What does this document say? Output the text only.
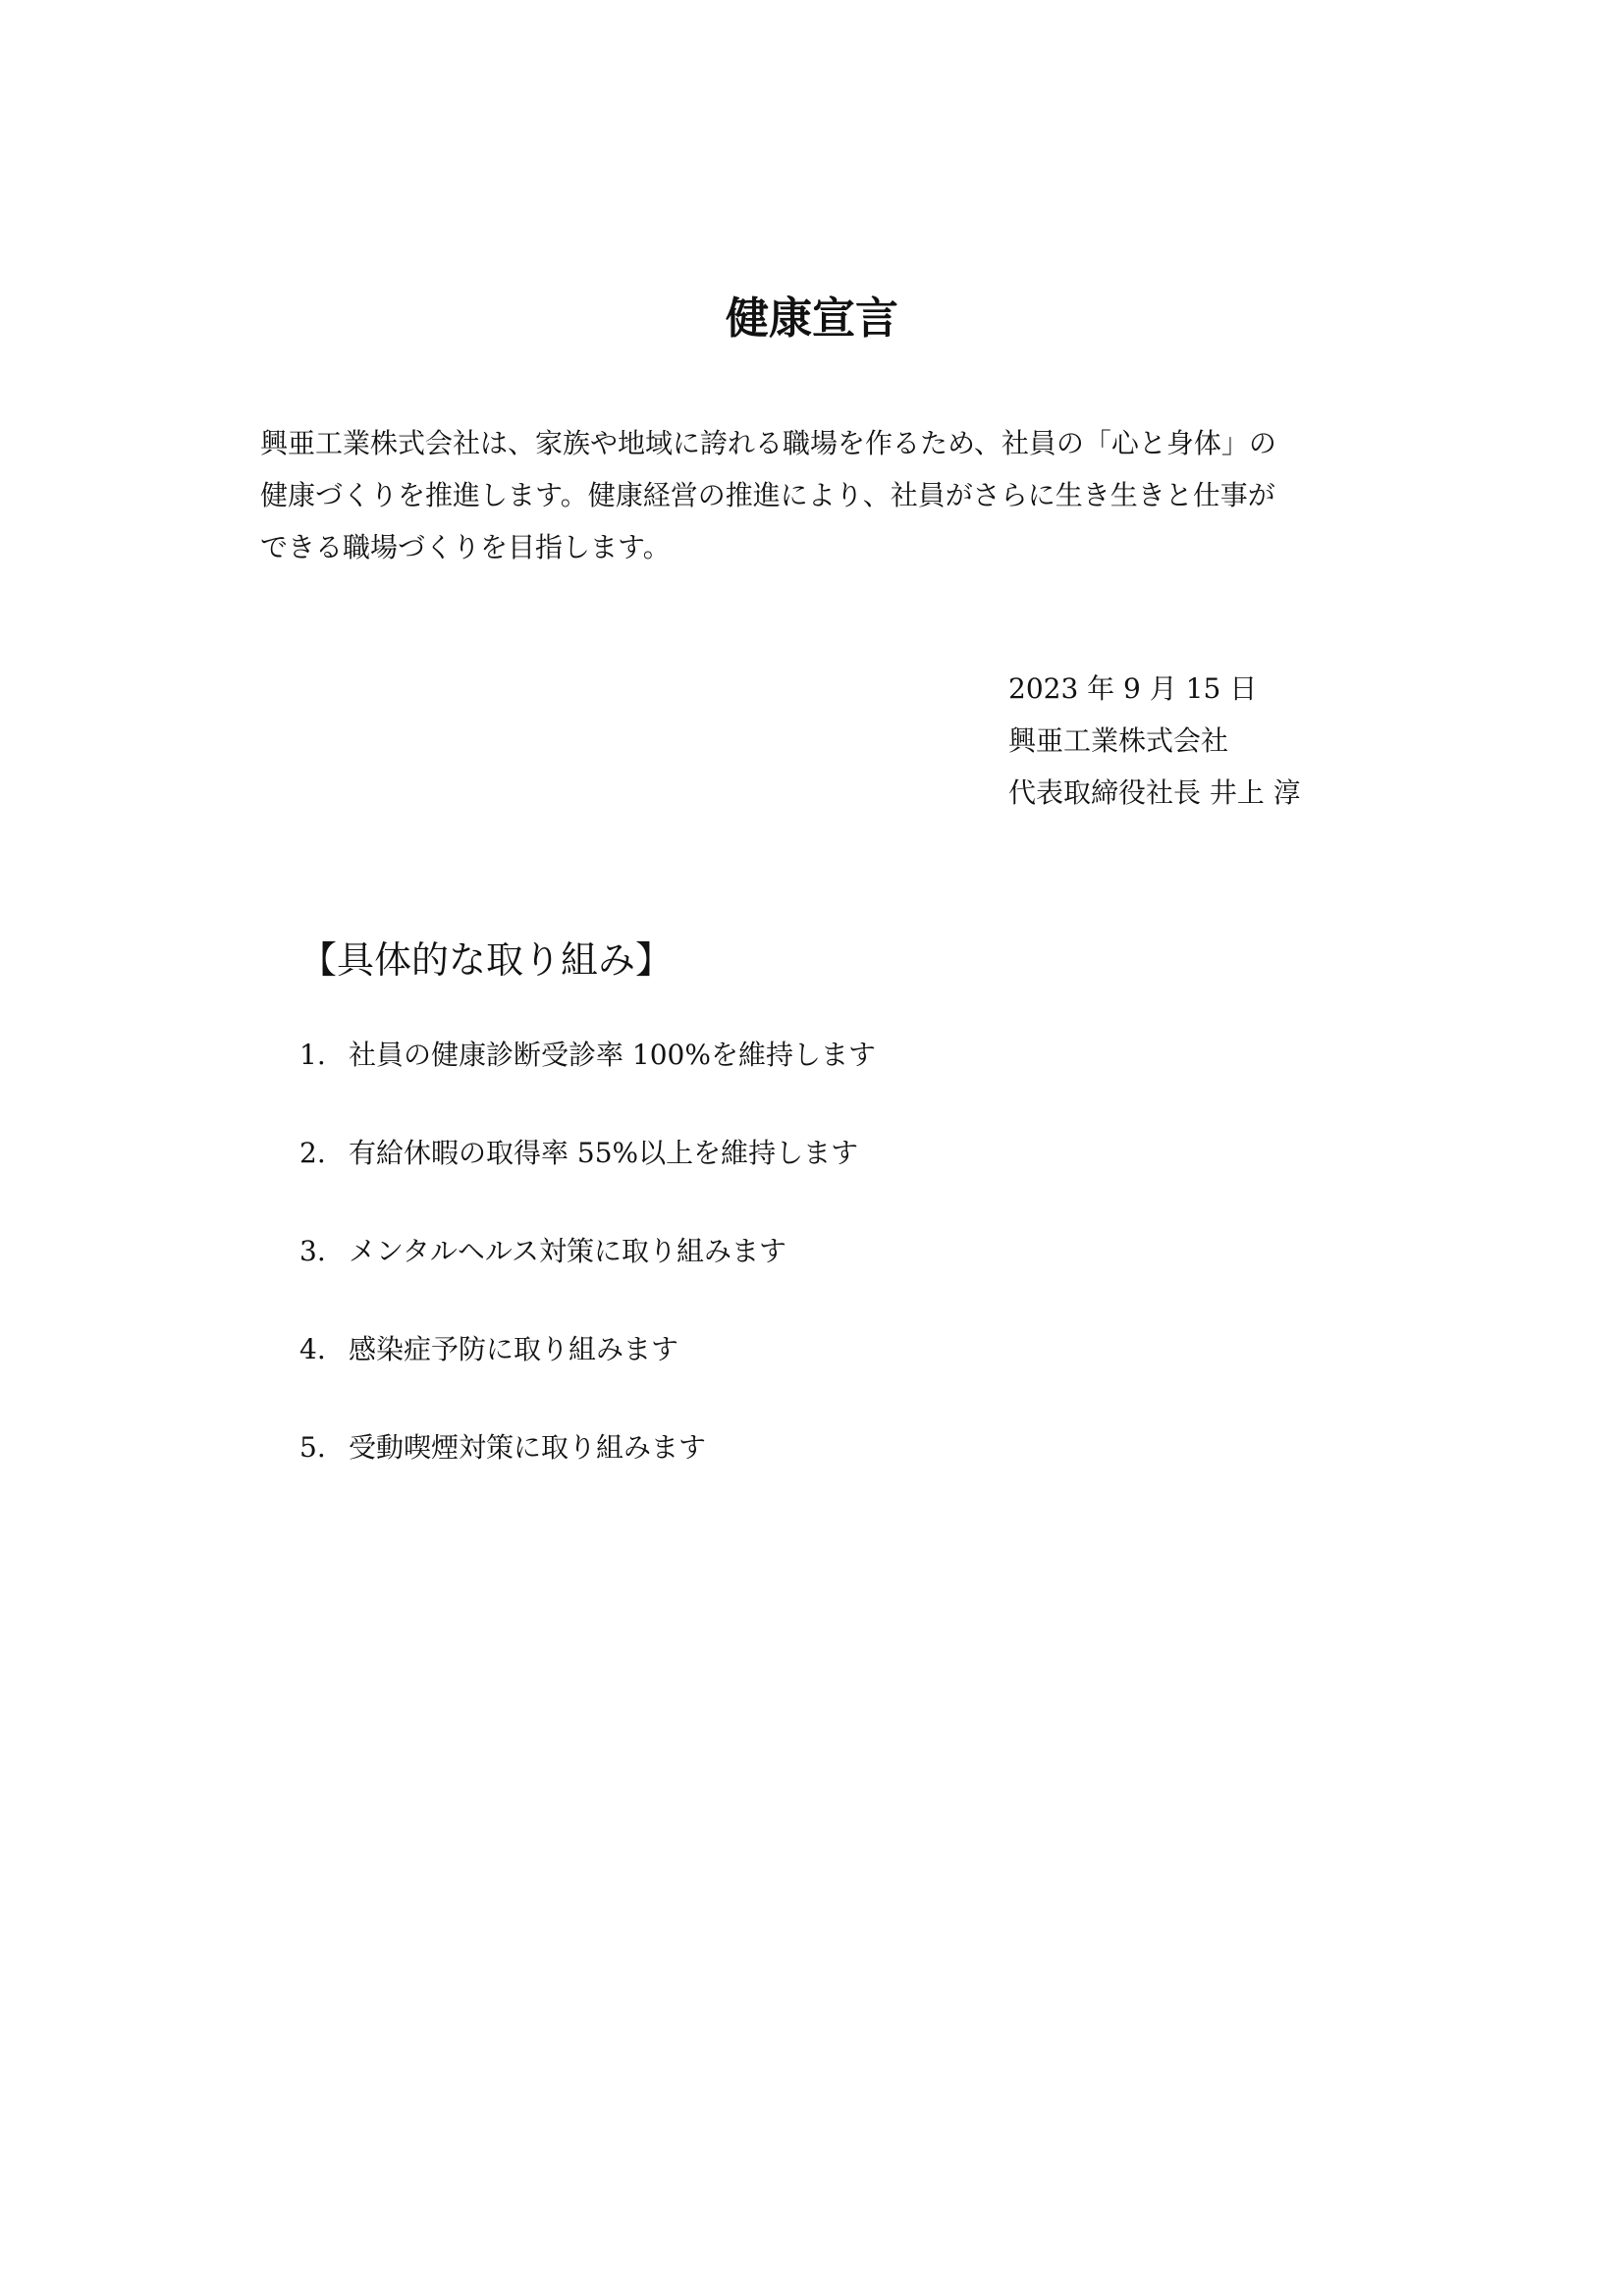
健康宣言

興亜工業株式会社は、家族や地域に誇れる職場を作るため、社員の「心と身体」の
健康づくりを推進します。健康経営の推進により、社員がさらに生き生きと仕事が
できる職場づくりを目指します。

2023 年 9 月 15 日
興亜工業株式会社
代表取締役社長 井上 淳
【具体的な取り組み】
1. 社員の健康診断受診率 100%を維持します
2. 有給休暇の取得率 55%以上を維持します
3. メンタルヘルス対策に取り組みます
4. 感染症予防に取り組みます
5. 受動喫煙対策に取り組みます
